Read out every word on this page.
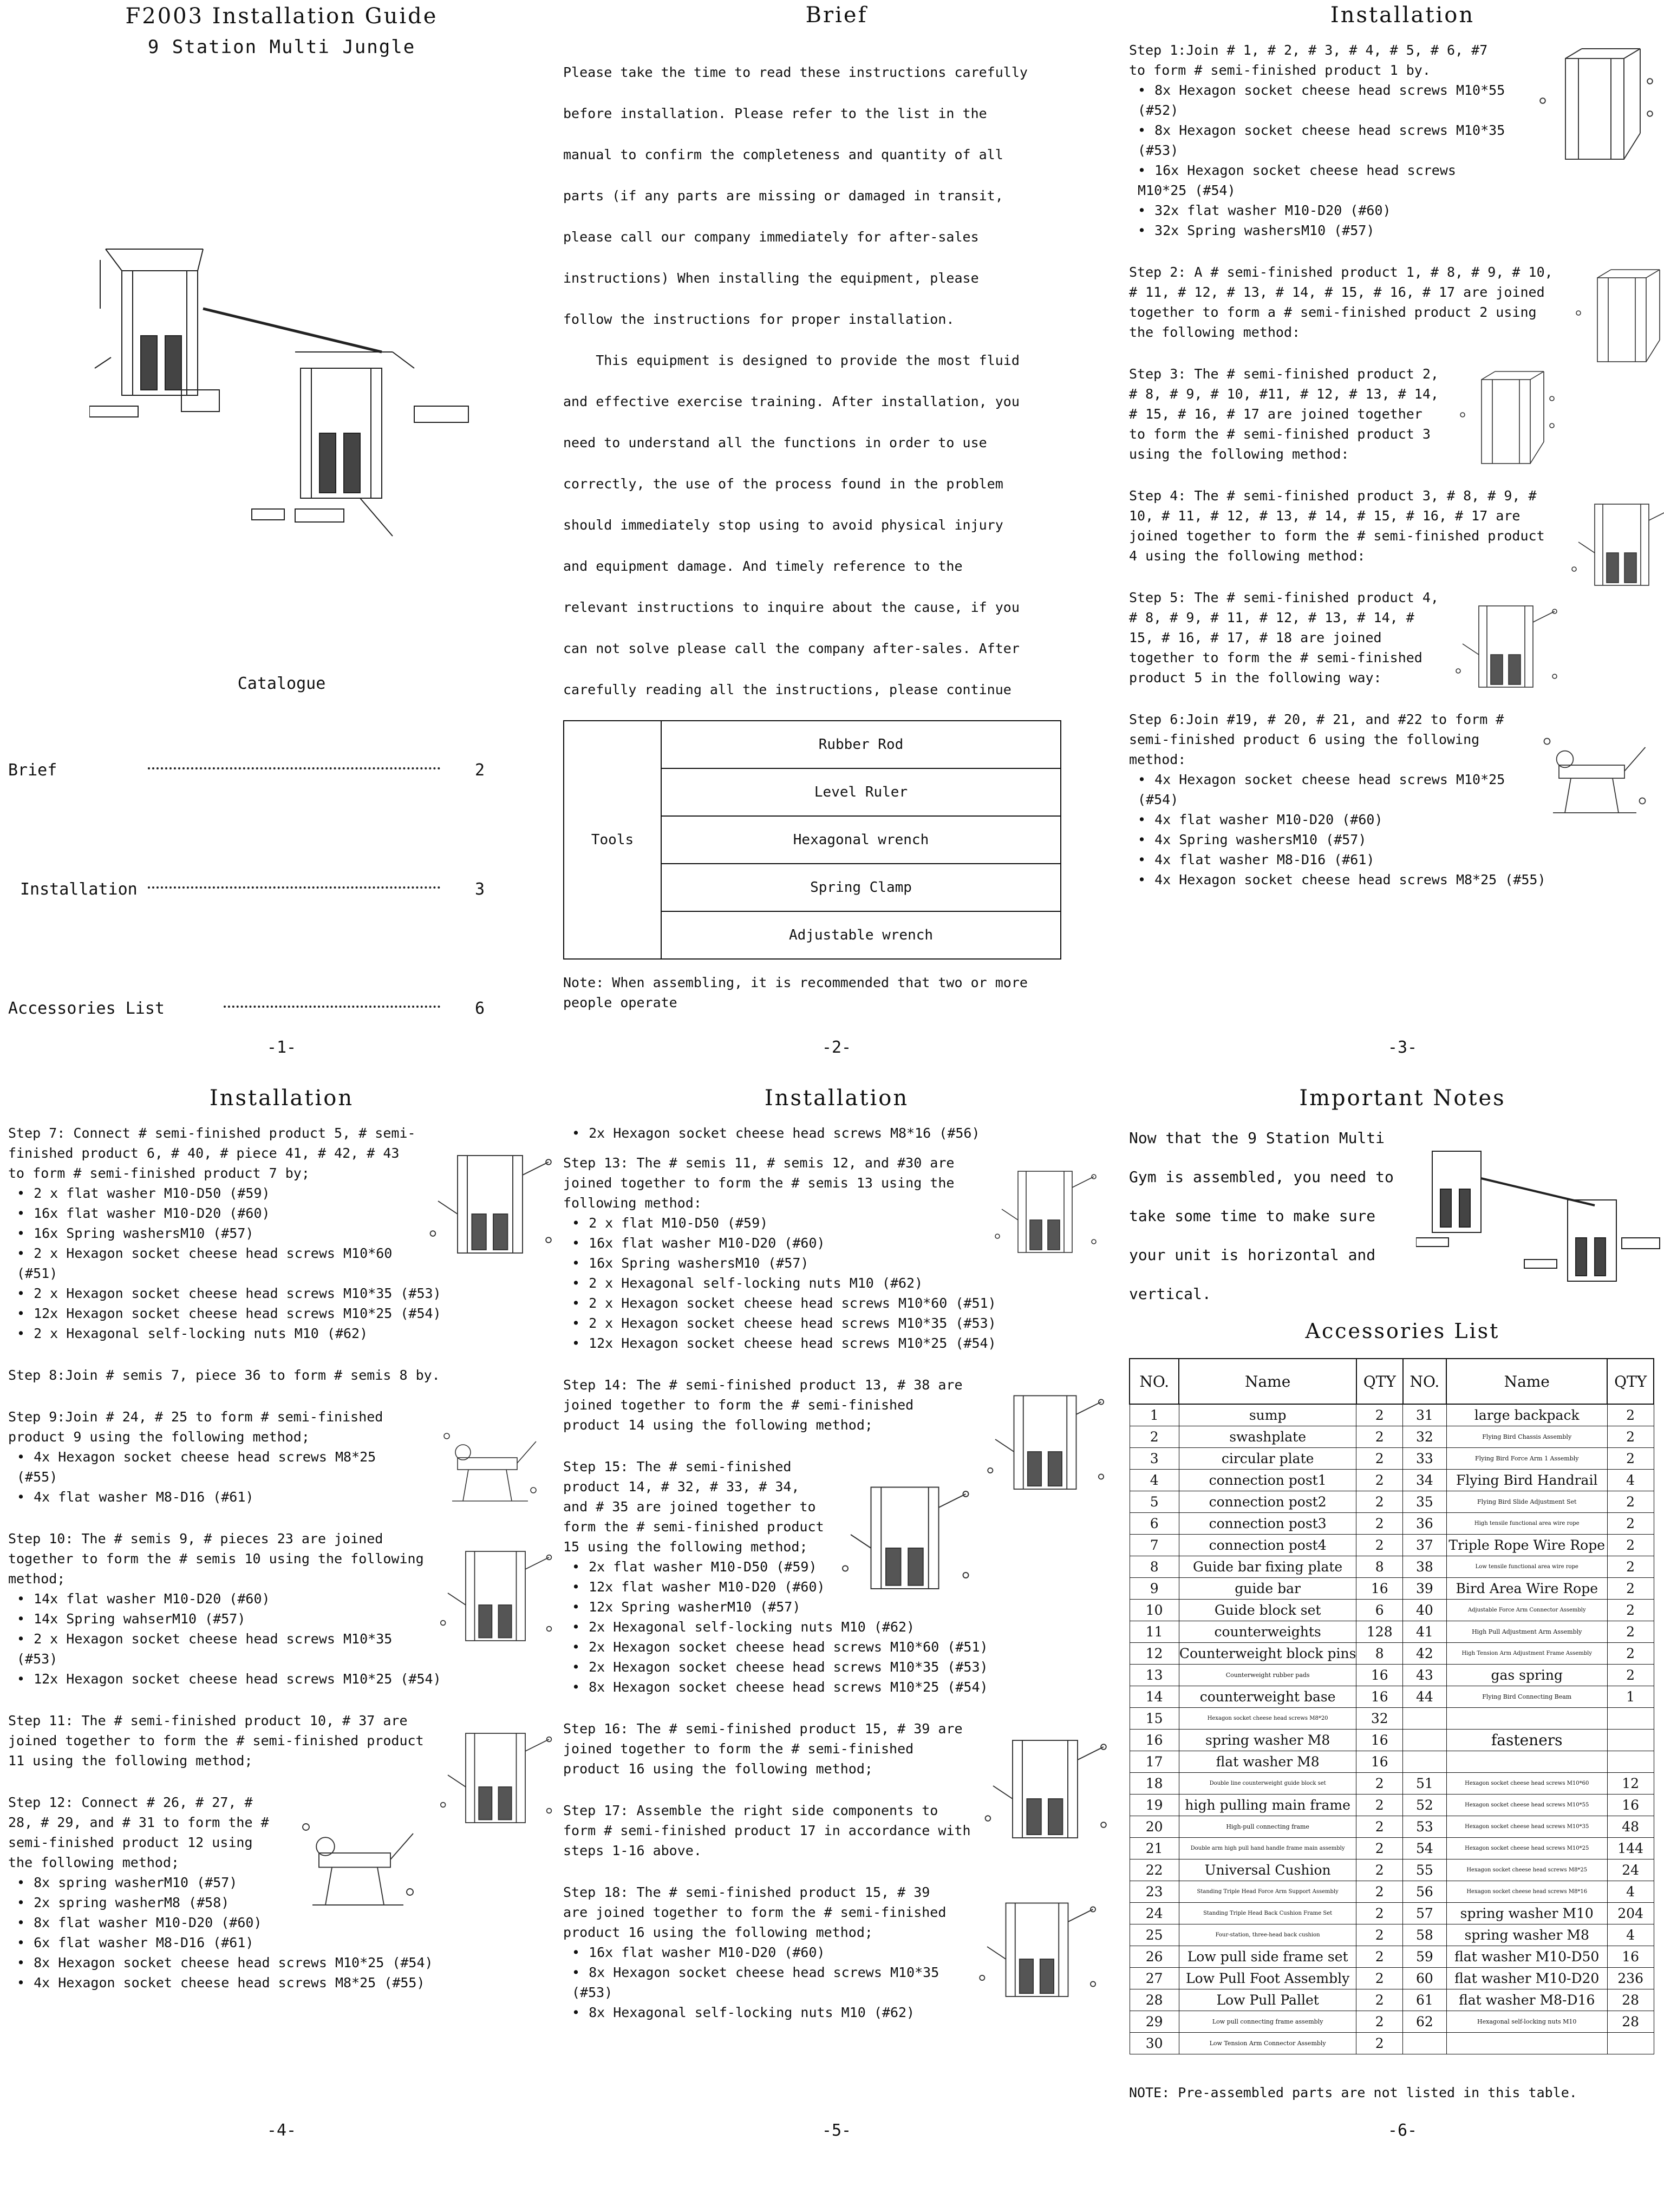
F2003 Installation Guide
9 Station Multi Jungle
Catalogue
Brief	2
Installation	3
Accessories List	6
-1-
Brief
Please take the time to read these instructions carefully
before installation. Please refer to the list in the
manual to confirm the completeness and quantity of all
parts (if any parts are missing or damaged in transit,
please call our company immediately for after-sales
instructions) When installing the equipment, please
follow the instructions for proper installation.
This equipment is designed to provide the most fluid
and effective exercise training. After installation, you
need to understand all the functions in order to use
correctly, the use of the process found in the problem
should immediately stop using to avoid physical injury
and equipment damage. And timely reference to the
relevant instructions to inquire about the cause, if you
can not solve please call the company after-sales. After
carefully reading all the instructions, please continue
Tools	Rubber Rod
Level Ruler
Hexagonal wrench
Spring Clamp
Adjustable wrench
Note: When assembling, it is recommended that two or more people operate
-2-
Installation
Step 1:Join # 1, # 2, # 3, # 4, # 5, # 6, #7 to form # semi-finished product 1 by.
• 8x Hexagon socket cheese head screws M10*55 (#52)
• 8x Hexagon socket cheese head screws M10*35 (#53)
• 16x Hexagon socket cheese head screws M10*25 (#54)
• 32x flat washer M10-D20 (#60)
• 32x Spring washersM10 (#57)
Step 2: A # semi-finished product 1, # 8, # 9, # 10, # 11, # 12, # 13, # 14, # 15, # 16, # 17 are joined together to form a # semi-finished product 2 using the following method:
Step 3: The # semi-finished product 2, # 8, # 9, # 10, #11, # 12, # 13, # 14, # 15, # 16, # 17 are joined together to form the # semi-finished product 3 using the following method:
Step 4: The # semi-finished product 3, # 8, # 9, # 10, # 11, # 12, # 13, # 14, # 15, # 16, # 17 are joined together to form the # semi-finished product 4 using the following method:
Step 5: The # semi-finished product 4, # 8, # 9, # 11, # 12, # 13, # 14, # 15, # 16, # 17, # 18 are joined together to form the # semi-finished product 5 in the following way:
Step 6:Join #19, # 20, # 21, and #22 to form # semi-finished product 6 using the following method:
• 4x Hexagon socket cheese head screws M10*25 (#54)
• 4x flat washer M10-D20 (#60)
• 4x Spring washersM10 (#57)
• 4x flat washer M8-D16 (#61)
• 4x Hexagon socket cheese head screws M8*25 (#55)
-3-
Installation
Step 7: Connect # semi-finished product 5, # semi-finished product 6, # 40, # piece 41, # 42, # 43 to form # semi-finished product 7 by;
• 2 x flat washer M10-D50 (#59)
• 16x flat washer M10-D20 (#60)
• 16x Spring washersM10 (#57)
• 2 x Hexagon socket cheese head screws M10*60 (#51)
• 2 x Hexagon socket cheese head screws M10*35 (#53)
• 12x Hexagon socket cheese head screws M10*25 (#54)
• 2 x Hexagonal self-locking nuts M10 (#62)
Step 8:Join # semis 7, piece 36 to form # semis 8 by.
Step 9:Join # 24, # 25 to form # semi-finished product 9 using the following method;
• 4x Hexagon socket cheese head screws M8*25 (#55)
• 4x flat washer M8-D16 (#61)
Step 10: The # semis 9, # pieces 23 are joined together to form the # semis 10 using the following method;
• 14x flat washer M10-D20 (#60)
• 14x Spring wahserM10 (#57)
• 2 x Hexagon socket cheese head screws M10*35 (#53)
• 12x Hexagon socket cheese head screws M10*25 (#54)
Step 11: The # semi-finished product 10, # 37 are joined together to form the # semi-finished product 11 using the following method;
Step 12: Connect # 26, # 27, # 28, # 29, and # 31 to form the # semi-finished product 12 using the following method;
• 8x spring washerM10 (#57)
• 2x spring washerM8 (#58)
• 8x flat washer M10-D20 (#60)
• 6x flat washer M8-D16 (#61)
• 8x Hexagon socket cheese head screws M10*25 (#54)
• 4x Hexagon socket cheese head screws M8*25 (#55)
-4-
Installation
• 2x Hexagon socket cheese head screws M8*16 (#56)
Step 13: The # semis 11, # semis 12, and #30 are joined together to form the # semis 13 using the following method:
• 2 x flat M10-D50 (#59)
• 16x flat washer M10-D20 (#60)
• 16x Spring washersM10 (#57)
• 2 x Hexagonal self-locking nuts M10 (#62)
• 2 x Hexagon socket cheese head screws M10*60 (#51)
• 2 x Hexagon socket cheese head screws M10*35 (#53)
• 12x Hexagon socket cheese head screws M10*25 (#54)
Step 14: The # semi-finished product 13, # 38 are joined together to form the # semi-finished product 14 using the following method;
Step 15: The # semi-finished product 14, # 32, # 33, # 34, and # 35 are joined together to form the # semi-finished product 15 using the following method;
• 2x flat washer M10-D50 (#59)
• 12x flat washer M10-D20 (#60)
• 12x Spring washerM10 (#57)
• 2x Hexagonal self-locking nuts M10 (#62)
• 2x Hexagon socket cheese head screws M10*60 (#51)
• 2x Hexagon socket cheese head screws M10*35 (#53)
• 8x Hexagon socket cheese head screws M10*25 (#54)
Step 16: The # semi-finished product 15, # 39 are joined together to form the # semi-finished product 16 using the following method;
Step 17: Assemble the right side components to form # semi-finished product 17 in accordance with steps 1-16 above.
Step 18: The # semi-finished product 15, # 39 are joined together to form the # semi-finished product 16 using the following method;
• 16x flat washer M10-D20 (#60)
• 8x Hexagon socket cheese head screws M10*35 (#53)
• 8x Hexagonal self-locking nuts M10 (#62)
-5-
Important Notes
Now that the 9 Station Multi
Gym is assembled, you need to
take some time to make sure
your unit is horizontal and
vertical.
Accessories List
NO.	Name	QTY	NO.	Name	QTY
1	sump	2	31	large backpack	2
2	swashplate	2	32	Flying Bird Chassis Assembly	2
3	circular plate	2	33	Flying Bird Force Arm 1 Assembly	2
4	connection post1	2	34	Flying Bird Handrail	4
5	connection post2	2	35	Flying Bird Slide Adjustment Set	2
6	connection post3	2	36	High tensile functional area wire rope	2
7	connection post4	2	37	Triple Rope Wire Rope	2
8	Guide bar fixing plate	8	38	Low tensile functional area wire rope	2
9	guide bar	16	39	Bird Area Wire Rope	2
10	Guide block set	6	40	Adjustable Force Arm Connector Assembly	2
11	counterweights	128	41	High Pull Adjustment Arm Assembly	2
12	Counterweight block pins	8	42	High Tension Arm Adjustment Frame Assembly	2
13	Counterweight rubber pads	16	43	gas spring	2
14	counterweight base	16	44	Flying Bird Connecting Beam	1
15	Hexagon socket cheese head screws M8*20	32			
16	spring washer M8	16		fasteners	
17	flat washer M8	16			
18	Double line counterweight guide block set	2	51	Hexagon socket cheese head screws M10*60	12
19	high pulling main frame	2	52	Hexagon socket cheese head screws M10*55	16
20	High-pull connecting frame	2	53	Hexagon socket cheese head screws M10*35	48
21	Double arm high pull hand handle frame main assembly	2	54	Hexagon socket cheese head screws M10*25	144
22	Universal Cushion	2	55	Hexagon socket cheese head screws M8*25	24
23	Standing Triple Head Force Arm Support Assembly	2	56	Hexagon socket cheese head screws M8*16	4
24	Standing Triple Head Back Cushion Frame Set	2	57	spring washer M10	204
25	Four-station, three-head back cushion	2	58	spring washer M8	4
26	Low pull side frame set	2	59	flat washer M10-D50	16
27	Low Pull Foot Assembly	2	60	flat washer M10-D20	236
28	Low Pull Pallet	2	61	flat washer M8-D16	28
29	Low pull connecting frame assembly	2	62	Hexagonal self-locking nuts M10	28
30	Low Tension Arm Connector Assembly	2			
NOTE: Pre-assembled parts are not listed in this table.
-6-
